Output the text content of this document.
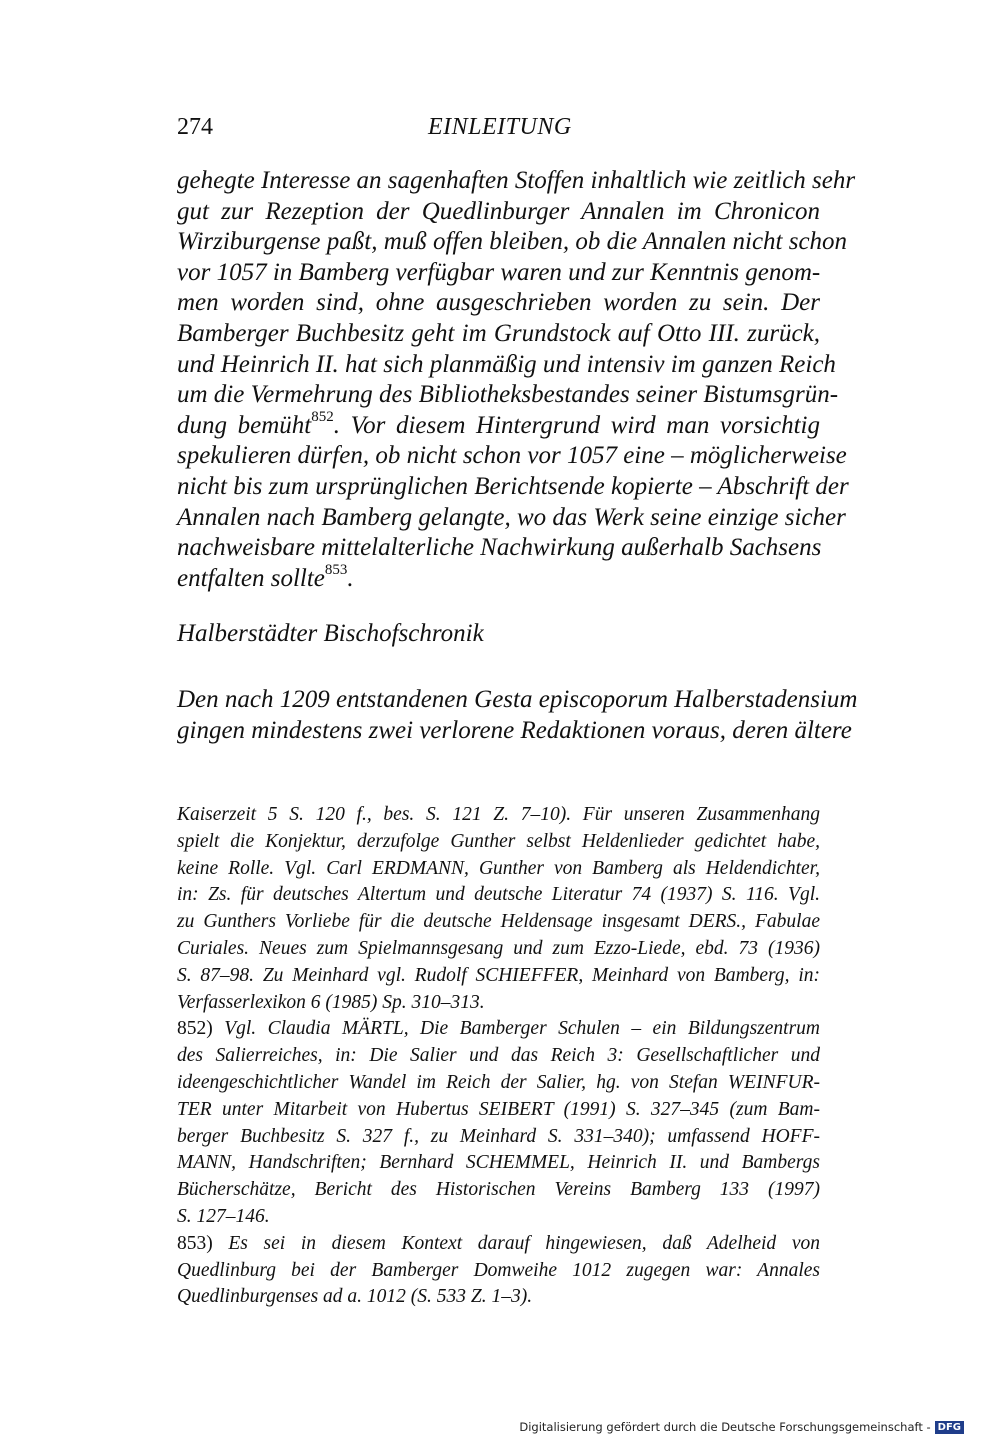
274	EINLEITUNG
gehegte Interesse an sagenhaften Stoffen inhaltlich wie zeitlich sehr
gut zur Rezeption der Quedlinburger Annalen im Chronicon
Wirziburgense paßt, muß offen bleiben, ob die Annalen nicht schon
vor 1057 in Bamberg verfügbar waren und zur Kenntnis genom-
men worden sind, ohne ausgeschrieben worden zu sein. Der
Bamberger Buchbesitz geht im Grundstock auf Otto III. zurück,
und Heinrich II. hat sich planmäßig und intensiv im ganzen Reich
um die Vermehrung des Bibliotheksbestandes seiner Bistumsgrün-
dung bemüht$^{852}$. Vor diesem Hintergrund wird man vorsichtig
spekulieren dürfen, ob nicht schon vor 1057 eine – möglicherweise
nicht bis zum ursprünglichen Berichtsende kopierte – Abschrift der
Annalen nach Bamberg gelangte, wo das Werk seine einzige sicher
nachweisbare mittelalterliche Nachwirkung außerhalb Sachsens
entfalten sollte$^{853}$.
Halberstädter Bischofschronik
Den nach 1209 entstandenen Gesta episcoporum Halberstadensium
gingen mindestens zwei verlorene Redaktionen voraus, deren ältere
Kaiserzeit 5 S. 120 f., bes. S. 121 Z. 7–10). Für unseren Zusammenhang
spielt die Konjektur, derzufolge Gunther selbst Heldenlieder gedichtet habe,
keine Rolle. Vgl. Carl ERDMANN, Gunther von Bamberg als Heldendichter,
in: Zs. für deutsches Altertum und deutsche Literatur 74 (1937) S. 116. Vgl.
zu Gunthers Vorliebe für die deutsche Heldensage insgesamt DERS., Fabulae
Curiales. Neues zum Spielmannsgesang und zum Ezzo-Liede, ebd. 73 (1936)
S. 87–98. Zu Meinhard vgl. Rudolf SCHIEFFER, Meinhard von Bamberg, in:
Verfasserlexikon 6 (1985) Sp. 310–313.
852) Vgl. Claudia MÄRTL, Die Bamberger Schulen – ein Bildungszentrum
des Salierreiches, in: Die Salier und das Reich 3: Gesellschaftlicher und
ideengeschichtlicher Wandel im Reich der Salier, hg. von Stefan WEINFUR-
TER unter Mitarbeit von Hubertus SEIBERT (1991) S. 327–345 (zum Bam-
berger Buchbesitz S. 327 f., zu Meinhard S. 331–340); umfassend HOFF-
MANN, Handschriften; Bernhard SCHEMMEL, Heinrich II. und Bambergs
Bücherschätze, Bericht des Historischen Vereins Bamberg 133 (1997)
S. 127–146.
853) Es sei in diesem Kontext darauf hingewiesen, daß Adelheid von
Quedlinburg bei der Bamberger Domweihe 1012 zugegen war: Annales
Quedlinburgenses ad a. 1012 (S. 533 Z. 1–3).
Digitalisierung gefördert durch die Deutsche Forschungsgemeinschaft - DFG
